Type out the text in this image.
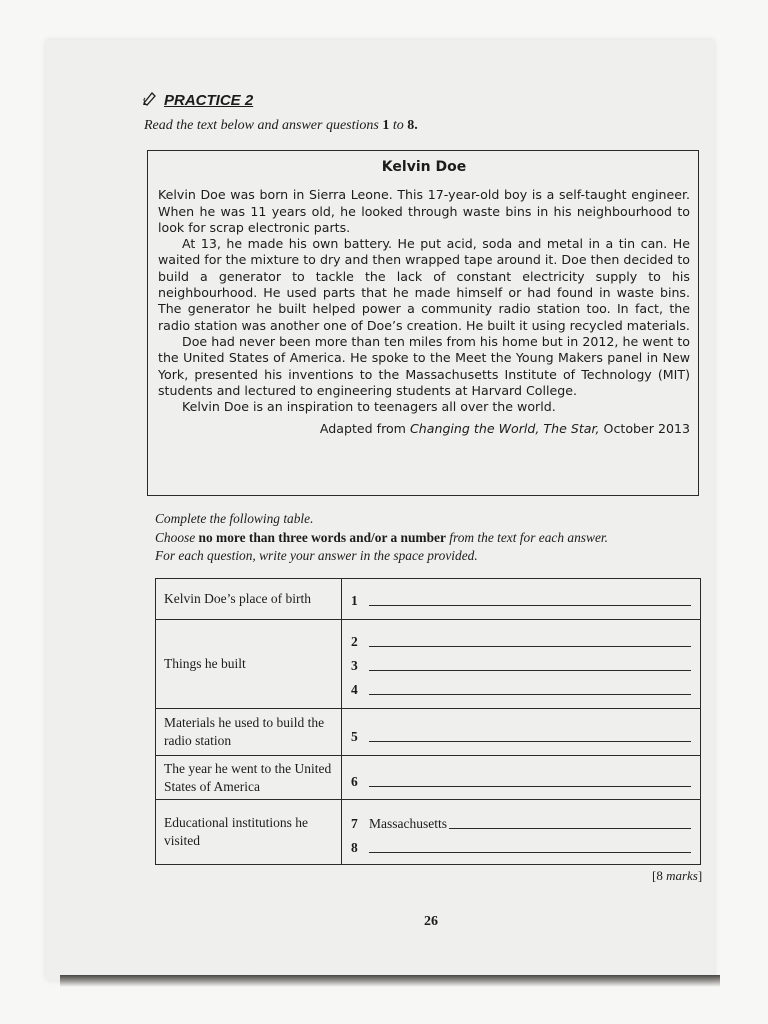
PRACTICE 2
Read the text below and answer questions 1 to 8.
Kelvin Doe

Kelvin Doe was born in Sierra Leone. This 17-year-old boy is a self-taught engineer. When he was 11 years old, he looked through waste bins in his neighbourhood to look for scrap electronic parts.

At 13, he made his own battery. He put acid, soda and metal in a tin can. He waited for the mixture to dry and then wrapped tape around it. Doe then decided to build a generator to tackle the lack of constant electricity supply to his neighbourhood. He used parts that he made himself or had found in waste bins. The generator he built helped power a community radio station too. In fact, the radio station was another one of Doe’s creation. He built it using recycled materials.

Doe had never been more than ten miles from his home but in 2012, he went to the United States of America. He spoke to the Meet the Young Makers panel in New York, presented his inventions to the Massachusetts Institute of Technology (MIT) students and lectured to engineering students at Harvard College.

Kelvin Doe is an inspiration to teenagers all over the world.

Adapted from Changing the World, The Star, October 2013
Complete the following table.
Choose no more than three words and/or a number from the text for each answer.
For each question, write your answer in the space provided.
Kelvin Doe’s place of birth	1
Things he built
2
3
4
Materials he used to build the radio station	5
The year he went to the United States of America	6
Educational institutions he visited
7 Massachusetts
8
[8 marks]
26
